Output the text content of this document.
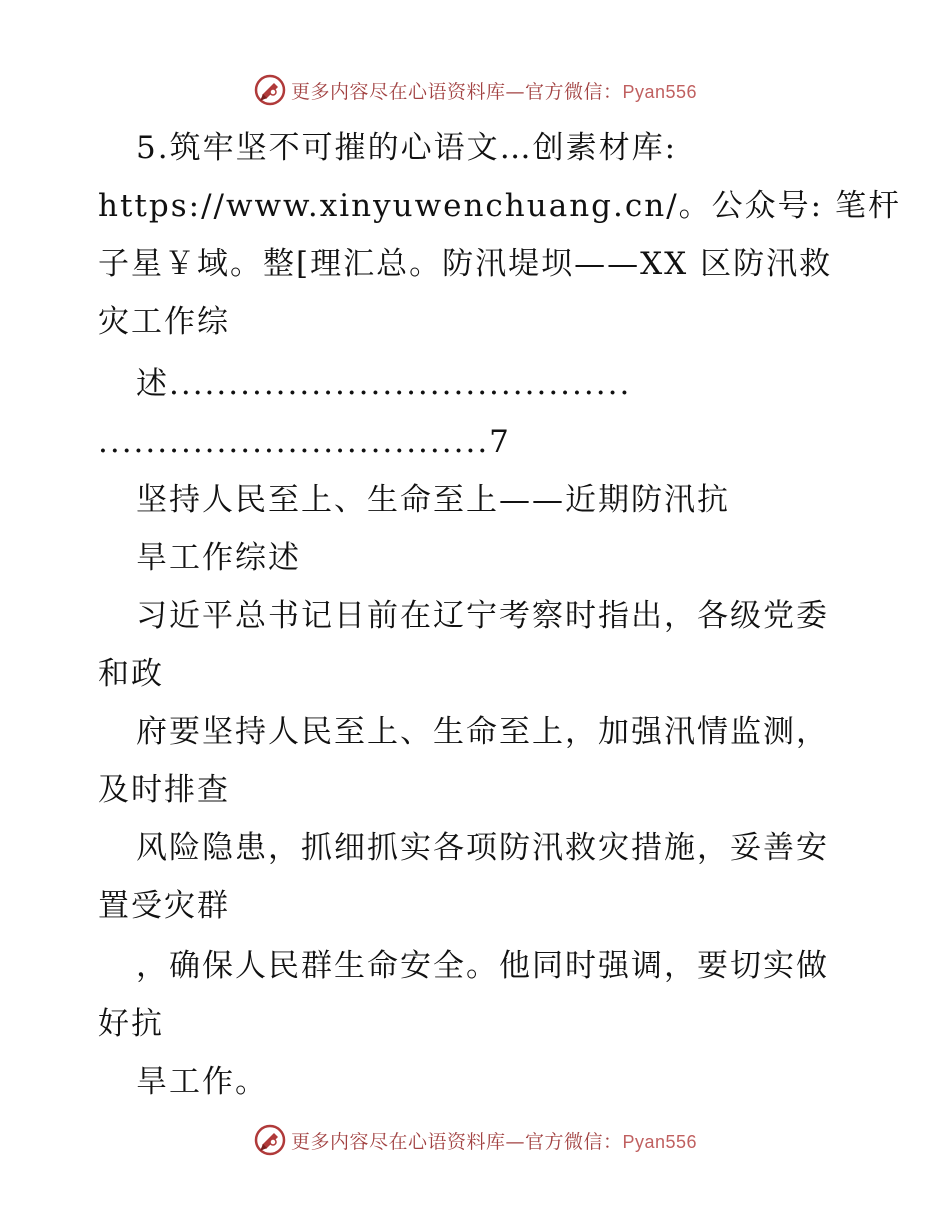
更多内容尽在心语资料库—官方微信：Pyan556
5.筑牢坚不可摧的心语文…创素材库:
https://www.xinyuwenchuang.cn/。公众号: 笔杆
子星￥域。整[理汇总。防汛堤坝——XX 区防汛救
灾工作综
述.......................................
.................................7
坚持人民至上、生命至上——近期防汛抗
旱工作综述
习近平总书记日前在辽宁考察时指出，各级党委
和政
府要坚持人民至上、生命至上，加强汛情监测，
及时排查
风险隐患，抓细抓实各项防汛救灾措施，妥善安
置受灾群
，确保人民群生命安全。他同时强调，要切实做
好抗
旱工作。
更多内容尽在心语资料库—官方微信：Pyan556
